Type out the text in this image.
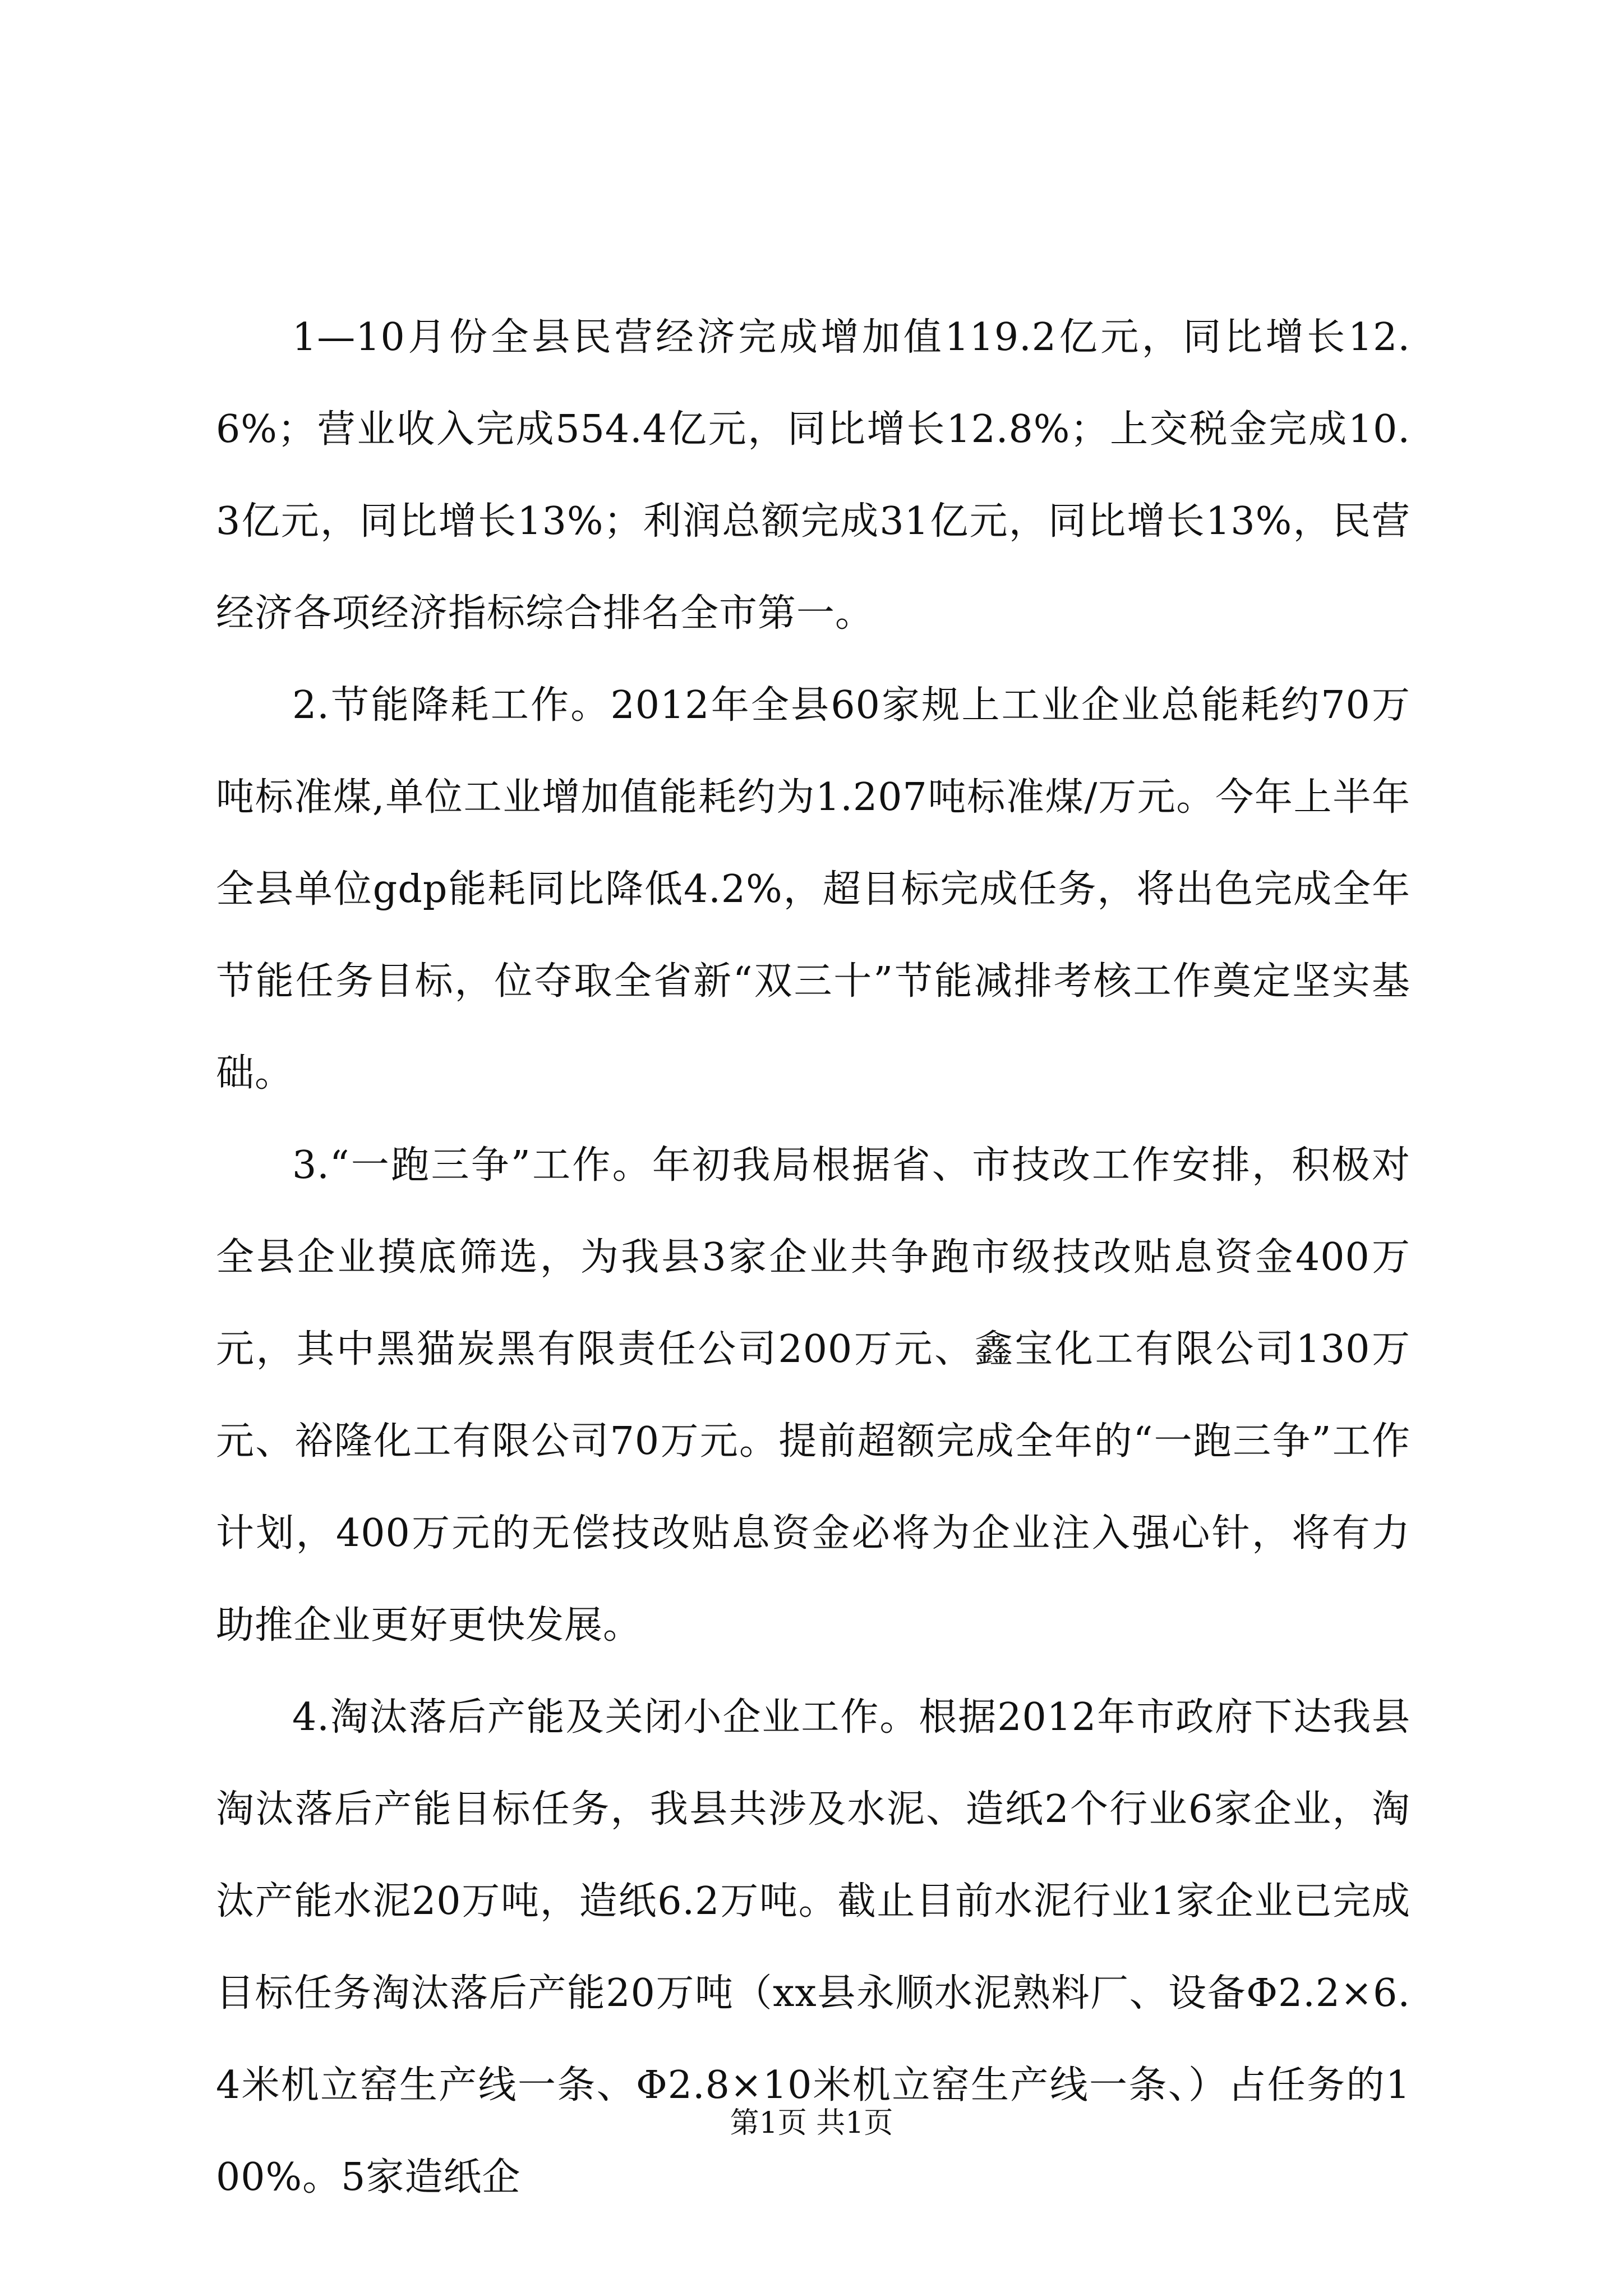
1—10月份全县民营经济完成增加值119.2亿元，同比增长12.6%；营业收入完成554.4亿元，同比增长12.8%；上交税金完成10.3亿元，同比增长13%；利润总额完成31亿元，同比增长13%，民营经济各项经济指标综合排名全市第一。

2.节能降耗工作。2012年全县60家规上工业企业总能耗约70万吨标准煤,单位工业增加值能耗约为1.207吨标准煤/万元。今年上半年全县单位gdp能耗同比降低4.2%，超目标完成任务，将出色完成全年节能任务目标，位夺取全省新“双三十”节能减排考核工作奠定坚实基础。

3.“一跑三争”工作。年初我局根据省、市技改工作安排，积极对全县企业摸底筛选，为我县3家企业共争跑市级技改贴息资金400万元，其中黑猫炭黑有限责任公司200万元、鑫宝化工有限公司130万元、裕隆化工有限公司70万元。提前超额完成全年的“一跑三争”工作计划，400万元的无偿技改贴息资金必将为企业注入强心针，将有力助推企业更好更快发展。

4.淘汰落后产能及关闭小企业工作。根据2012年市政府下达我县淘汰落后产能目标任务，我县共涉及水泥、造纸2个行业6家企业，淘汰产能水泥20万吨，造纸6.2万吨。截止目前水泥行业1家企业已完成目标任务淘汰落后产能20万吨（xx县永顺水泥熟料厂、设备Φ2.2×6.4米机立窑生产线一条、Φ2.8×10米机立窑生产线一条、）占任务的100%。5家造纸企

第1页 共1页
